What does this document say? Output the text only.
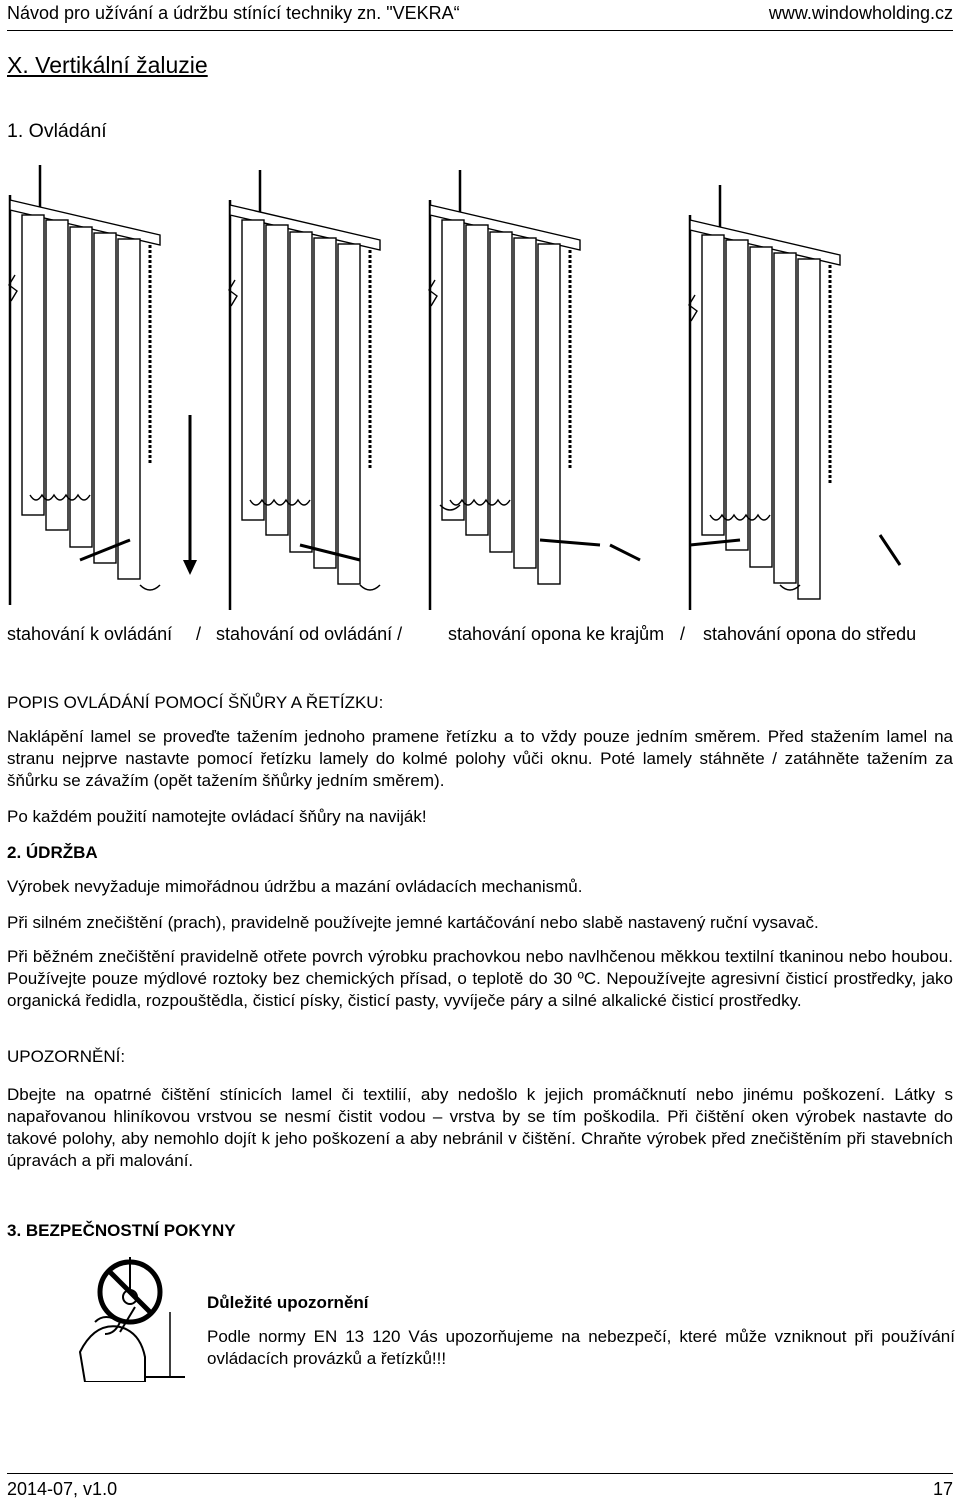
Návod pro užívání a údržbu stínící techniky zn. "VEKRA“	www.windowholding.cz
X. Vertikální žaluzie
1. Ovládání
stahování k ovládání / stahování od ovládání /	stahování opona ke krajům / stahování opona do středu
POPIS OVLÁDÁNÍ POMOCÍ ŠŇŮRY A ŘETÍZKU:
Naklápění lamel se proveďte tažením jednoho pramene řetízku a to vždy pouze jedním směrem. Před stažením lamel na stranu nejprve nastavte pomocí řetízku lamely do kolmé polohy vůči oknu. Poté lamely stáhněte / zatáhněte tažením za šňůrku se závažím (opět tažením šňůrky jedním směrem).
Po každém použití namotejte ovládací šňůry na naviják!
2. ÚDRŽBA
Výrobek nevyžaduje mimořádnou údržbu a mazání ovládacích mechanismů.
Při silném znečištění (prach), pravidelně používejte jemné kartáčování nebo slabě nastavený ruční vysavač.
Při běžném znečištění pravidelně otřete povrch výrobku prachovkou nebo navlhčenou měkkou textilní tkaninou nebo houbou. Používejte pouze mýdlové roztoky bez chemických přísad, o teplotě do 30 ºC. Nepoužívejte agresivní čisticí prostředky, jako organická ředidla, rozpouštědla, čisticí písky, čisticí pasty, vyvíječe páry a silné alkalické čisticí prostředky.
UPOZORNĚNÍ:
Dbejte na opatrné čištění stínicích lamel či textilií, aby nedošlo k jejich promáčknutí nebo jinému poškození. Látky s napařovanou hliníkovou vrstvou se nesmí čistit vodou – vrstva by se tím poškodila. Při čištění oken výrobek nastavte do takové polohy, aby nemohlo dojít k jeho poškození a aby nebránil v čištění. Chraňte výrobek před znečištěním při stavebních úpravách a při malování.
3. BEZPEČNOSTNÍ POKYNY
Důležité upozornění
Podle normy EN 13 120 Vás upozorňujeme na nebezpečí, které může vzniknout při používání ovládacích provázků a řetízků!!!
2014-07, v1.0	17
